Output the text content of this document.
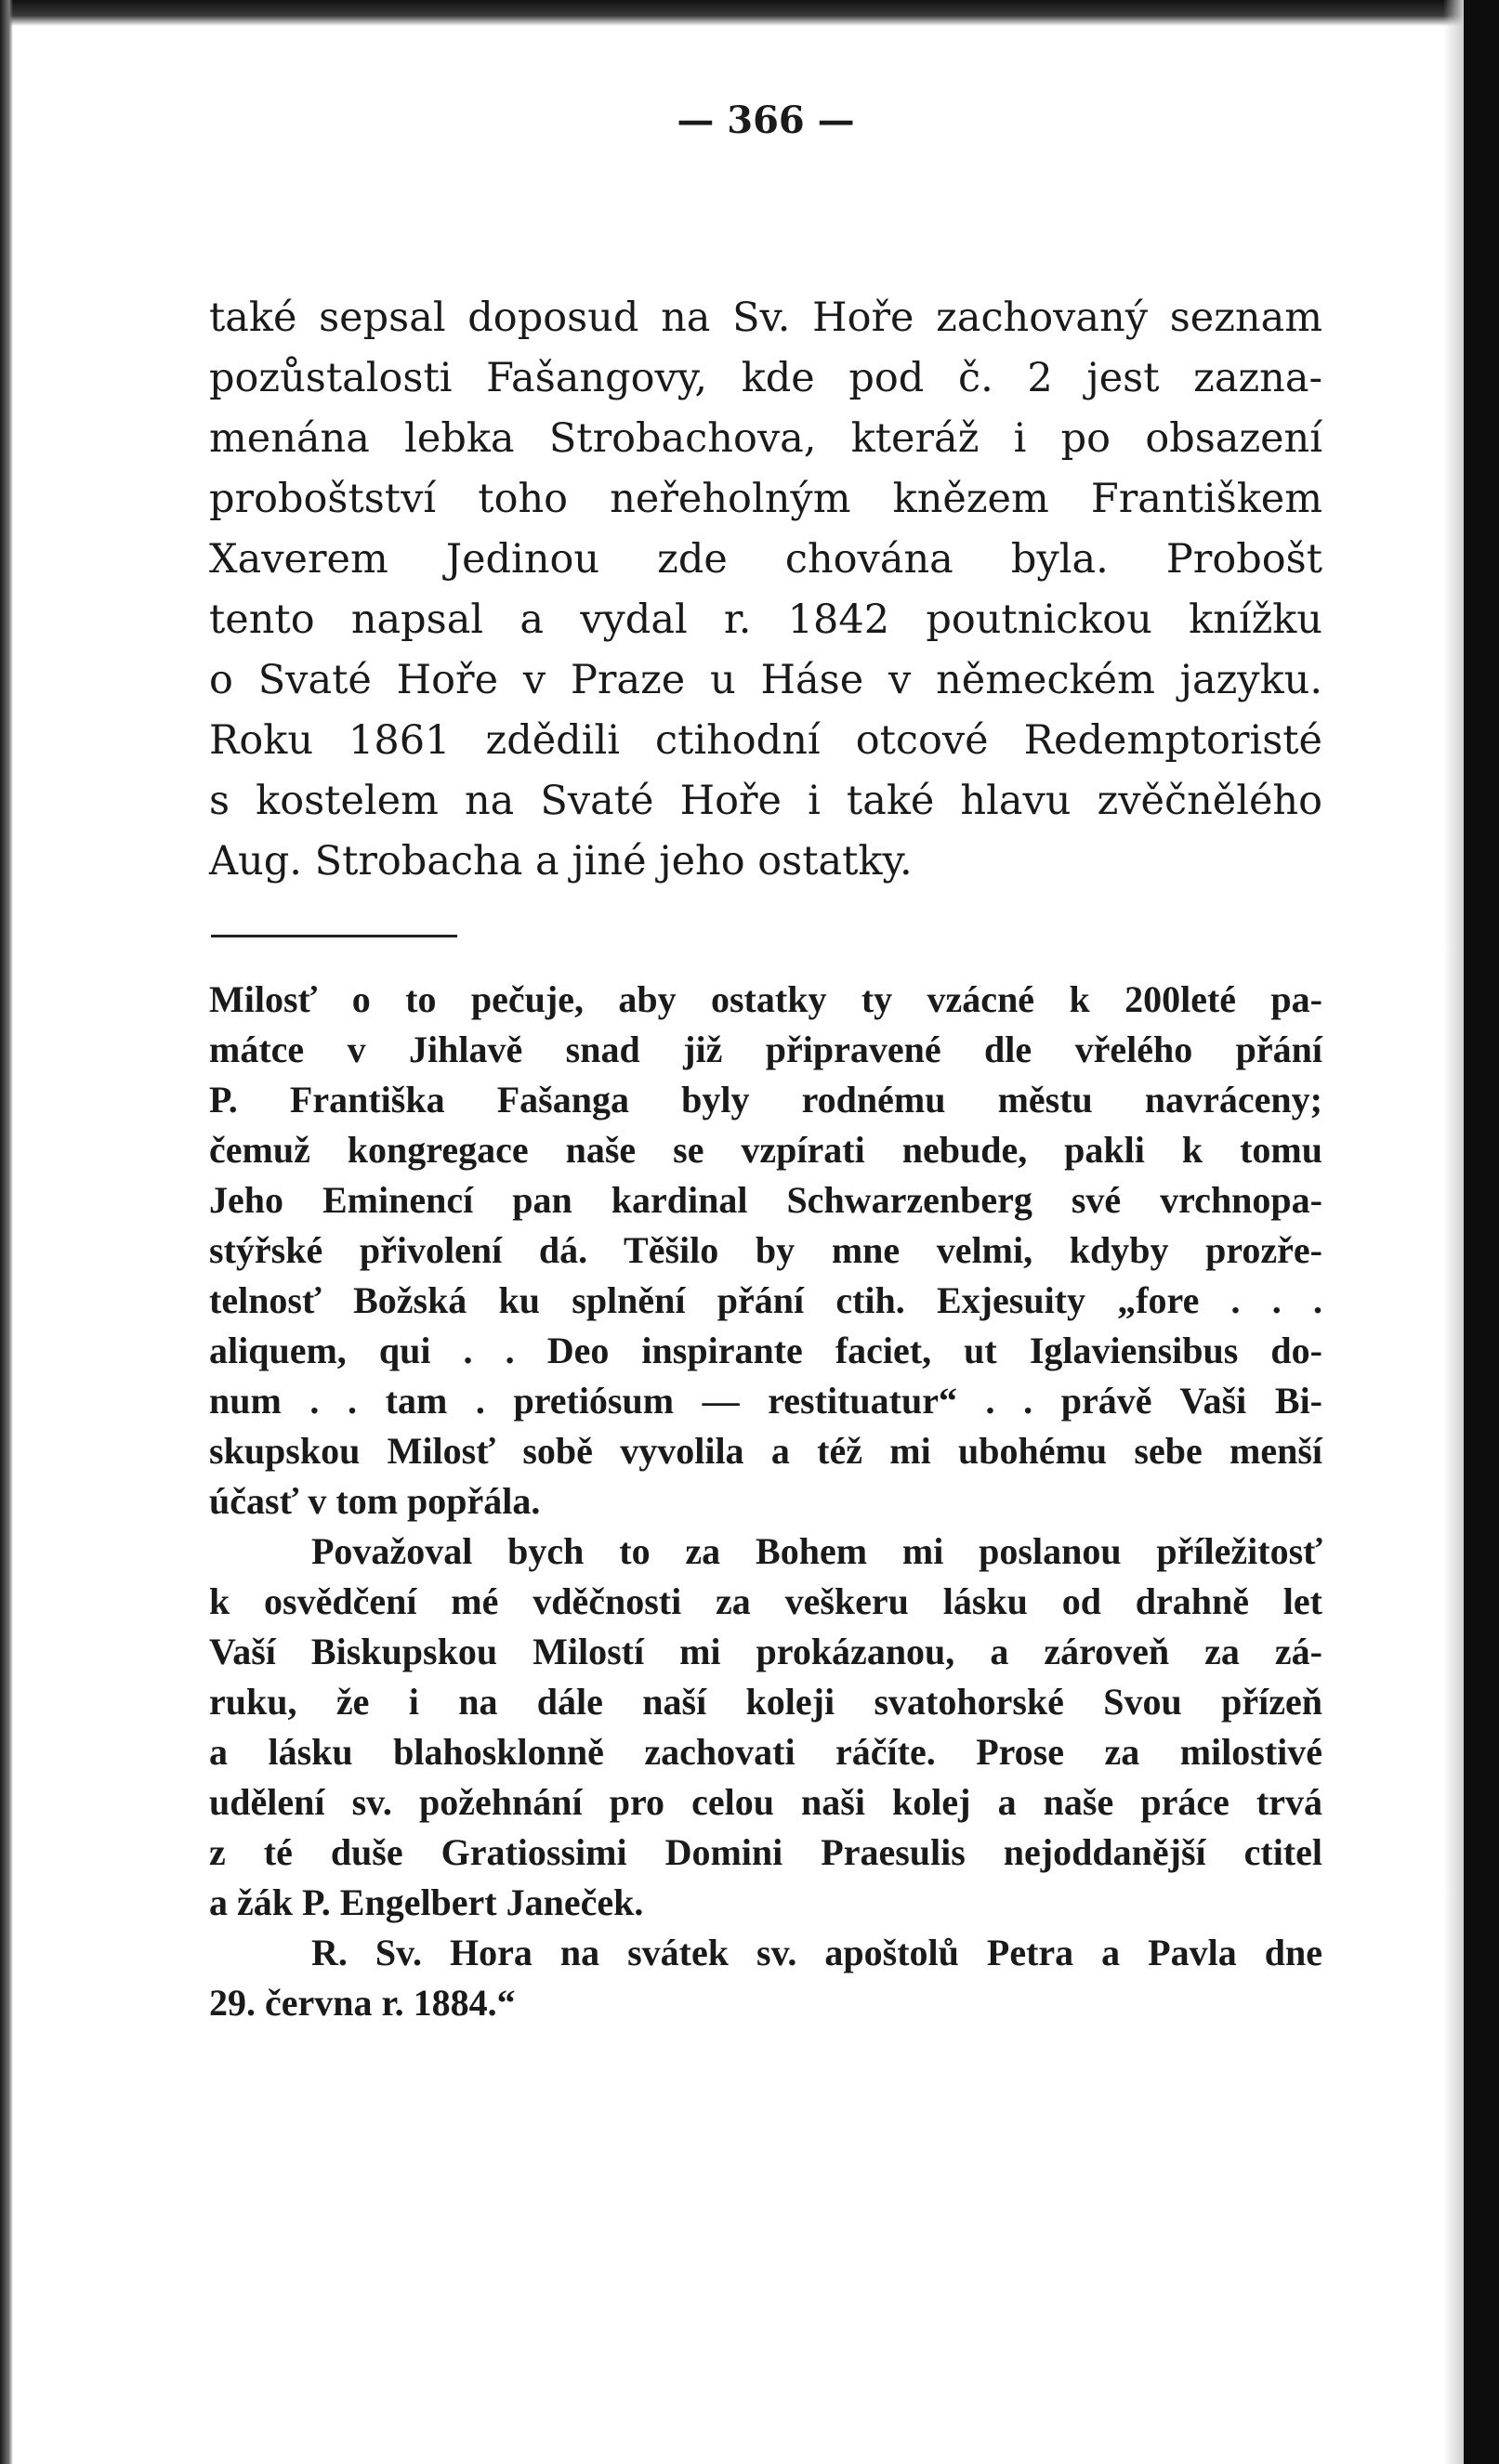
— 366 —
také sepsal doposud na Sv. Hoře zachovaný seznam
pozůstalosti Fašangovy, kde pod č. 2 jest zazna-
menána lebka Strobachova, kteráž i po obsazení
proboštství toho neřeholným knězem Františkem
Xaverem Jedinou zde chována byla. Probošt
tento napsal a vydal r. 1842 poutnickou knížku
o Svaté Hoře v Praze u Háse v německém jazyku.
Roku 1861 zdědili ctihodní otcové Redemptoristé
s kostelem na Svaté Hoře i také hlavu zvěčnělého
Aug. Strobacha a jiné jeho ostatky.
Milosť o to pečuje, aby ostatky ty vzácné k 200leté pa-
mátce v Jihlavě snad již připravené dle vřelého přání
P. Františka Fašanga byly rodnému městu navráceny;
čemuž kongregace naše se vzpírati nebude, pakli k tomu
Jeho Eminencí pan kardinal Schwarzenberg své vrchnopa-
stýřské přivolení dá. Těšilo by mne velmi, kdyby prozře-
telnosť Božská ku splnění přání ctih. Exjesuity „fore . . .
aliquem, qui . . Deo inspirante faciet, ut Iglaviensibus do-
num . . tam . pretiósum — restituatur“ . . právě Vaši Bi-
skupskou Milosť sobě vyvolila a též mi ubohému sebe menší
účasť v tom popřála.
Považoval bych to za Bohem mi poslanou příležitosť
k osvědčení mé vděčnosti za veškeru lásku od drahně let
Vaší Biskupskou Milostí mi prokázanou, a zároveň za zá-
ruku, že i na dále naší koleji svatohorské Svou přízeň
a lásku blahosklonně zachovati ráčíte. Prose za milostivé
udělení sv. požehnání pro celou naši kolej a naše práce trvá
z té duše Gratiossimi Domini Praesulis nejoddanější ctitel
a žák P. Engelbert Janeček.
R. Sv. Hora na svátek sv. apoštolů Petra a Pavla dne
29. června r. 1884.“
